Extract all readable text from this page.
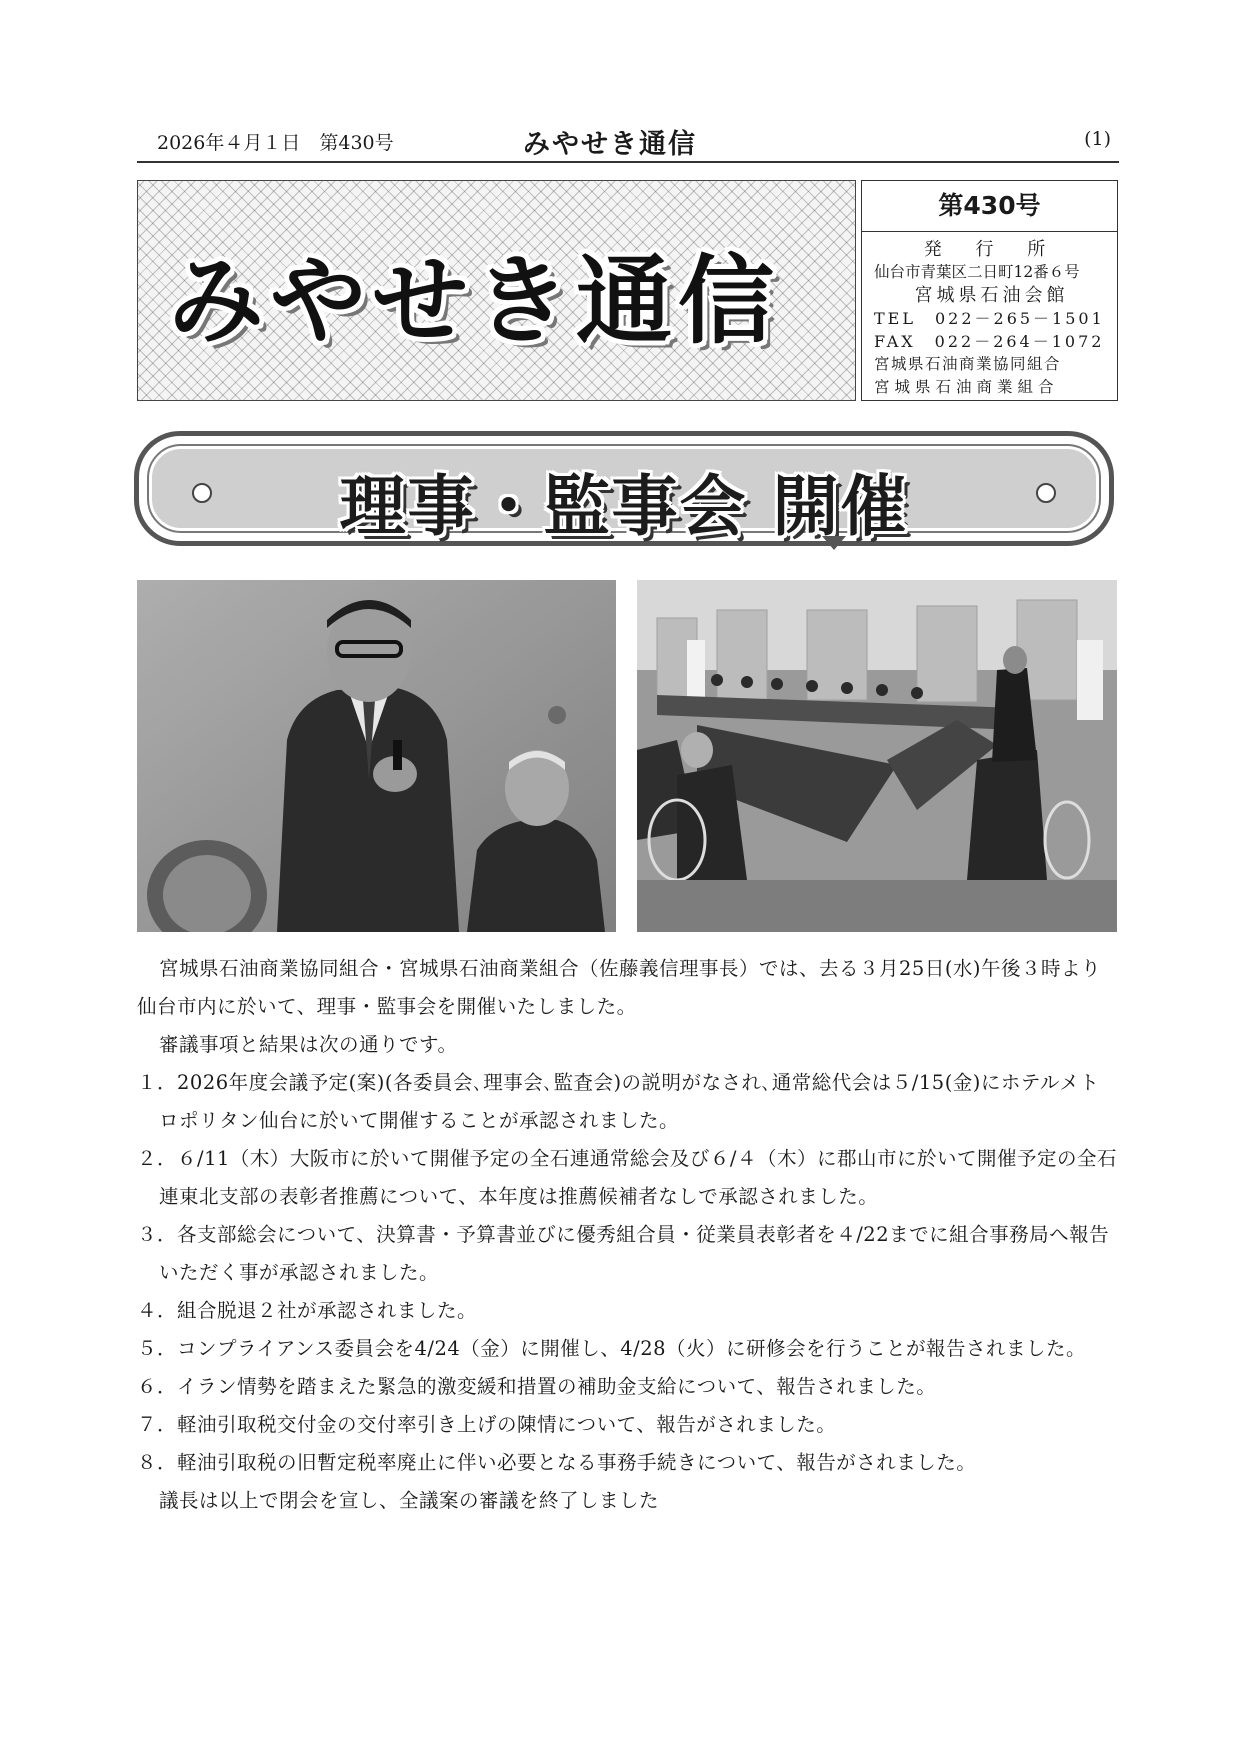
2026年４月１日　第430号	みやせき通信	(1)
みやせき通信
第430号
発 行 所
仙台市青葉区二日町12番６号
宮城県石油会館
TEL　022－265－1501
FAX　022－264－1072
宮城県石油商業協同組合
宮城県石油商業組合
理事・監事会 開催

宮城県石油商業協同組合・宮城県石油商業組合（佐藤義信理事長）では、去る３月25日(水)午後３時より仙台市内に於いて、理事・監事会を開催いたしました。

審議事項と結果は次の通りです。

１．2026年度会議予定(案)(各委員会､理事会､監査会)の説明がなされ､通常総代会は５/15(金)にホテルメトロポリタン仙台に於いて開催することが承認されました。

２．６/11（木）大阪市に於いて開催予定の全石連通常総会及び６/４（木）に郡山市に於いて開催予定の全石連東北支部の表彰者推薦について、本年度は推薦候補者なしで承認されました。

３．各支部総会について、決算書・予算書並びに優秀組合員・従業員表彰者を４/22までに組合事務局へ報告いただく事が承認されました。

４．組合脱退２社が承認されました。

５．コンプライアンス委員会を4/24（金）に開催し、4/28（火）に研修会を行うことが報告されました。

６．イラン情勢を踏まえた緊急的激変緩和措置の補助金支給について、報告されました。

７．軽油引取税交付金の交付率引き上げの陳情について、報告がされました。

８．軽油引取税の旧暫定税率廃止に伴い必要となる事務手続きについて、報告がされました。

議長は以上で閉会を宣し、全議案の審議を終了しました
